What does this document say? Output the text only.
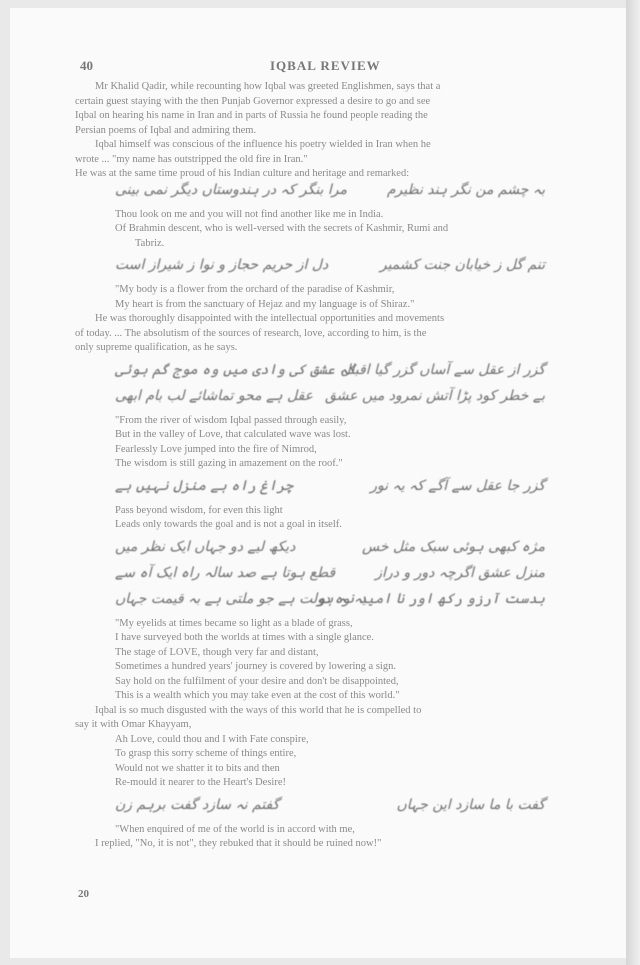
40	IQBAL REVIEW

Mr Khalid Qadir, while recounting how Iqbal was greeted Englishmen, says that a

certain guest staying with the then Punjab Governor expressed a desire to go and see

Iqbal on hearing his name in Iran and in parts of Russia he found people reading the

Persian poems of Iqbal and admiring them.

Iqbal himself was conscious of the influence his poetry wielded in Iran when he

wrote ... "my name has outstripped the old fire in Iran."

He was at the same time proud of his Indian culture and heritage and remarked:

مرا بنگر کہ در ہندوستاں دیگر نمی بینی	بہ چشم من نگر ہند نظیرم

Thou look on me and you will not find another like me in India.

Of Brahmin descent, who is well-versed with the secrets of Kashmir, Rumi and

Tabriz.

دل از حریم حجاز و نوا ز شیراز است	تنم گل ز خیابان جنت کشمیر

"My body is a flower from the orchard of the paradise of Kashmir,

My heart is from the sanctuary of Hejaz and my language is of Shiraz."

He was thoroughly disappointed with the intellectual opportunities and movements

of today. ... The absolutism of the sources of research, love, according to him, is the

only supreme qualification, as he says.

کہ عشق کی وادی میں وہ موج گم ہوئی
گزر از عقل سے آساں گزر گیا اقبال
عقل ہے محو تماشائے لب بام ابھی بے خطر کود پڑا آتش نمرود میں عشق

"From the river of wisdom Iqbal passed through easily,

But in the valley of Love, that calculated wave was lost.

Fearlessly Love jumped into the fire of Nimrod,

The wisdom is still gazing in amazement on the roof."

چراغ راہ ہے منزل نہیں ہے	گزر جا عقل سے آگے کہ یہ نور

Pass beyond wisdom, for even this light

Leads only towards the goal and is not a goal in itself.

دیکھ لیے دو جہاں ایک نظر میں	مژہ کبھی ہوئی سبک مثل خس
قطع ہوتا ہے صد سالہ راہ ایک آہ سے	منزل عشق اگرچہ دور و دراز
یہ وہ دولت ہے جو ملتی ہے بہ قیمت جہاں
بدست آرزو رکھ اور نا امید نہ ہو

"My eyelids at times became so light as a blade of grass,

I have surveyed both the worlds at times with a single glance.

The stage of LOVE, though very far and distant,

Sometimes a hundred years' journey is covered by lowering a sign.

Say hold on the fulfilment of your desire and don't be disappointed,

This is a wealth which you may take even at the cost of this world."

Iqbal is so much disgusted with the ways of this world that he is compelled to

say it with Omar Khayyam,

Ah Love, could thou and I with Fate conspire,

To grasp this sorry scheme of things entire,

Would not we shatter it to bits and then

Re-mould it nearer to the Heart's Desire!

گفتم نہ سازد گفت برہم زن	گفت با ما سازد این جہاں

"When enquired of me of the world is in accord with me,

I replied, "No, it is not", they rebuked that it should be ruined now!"

20
